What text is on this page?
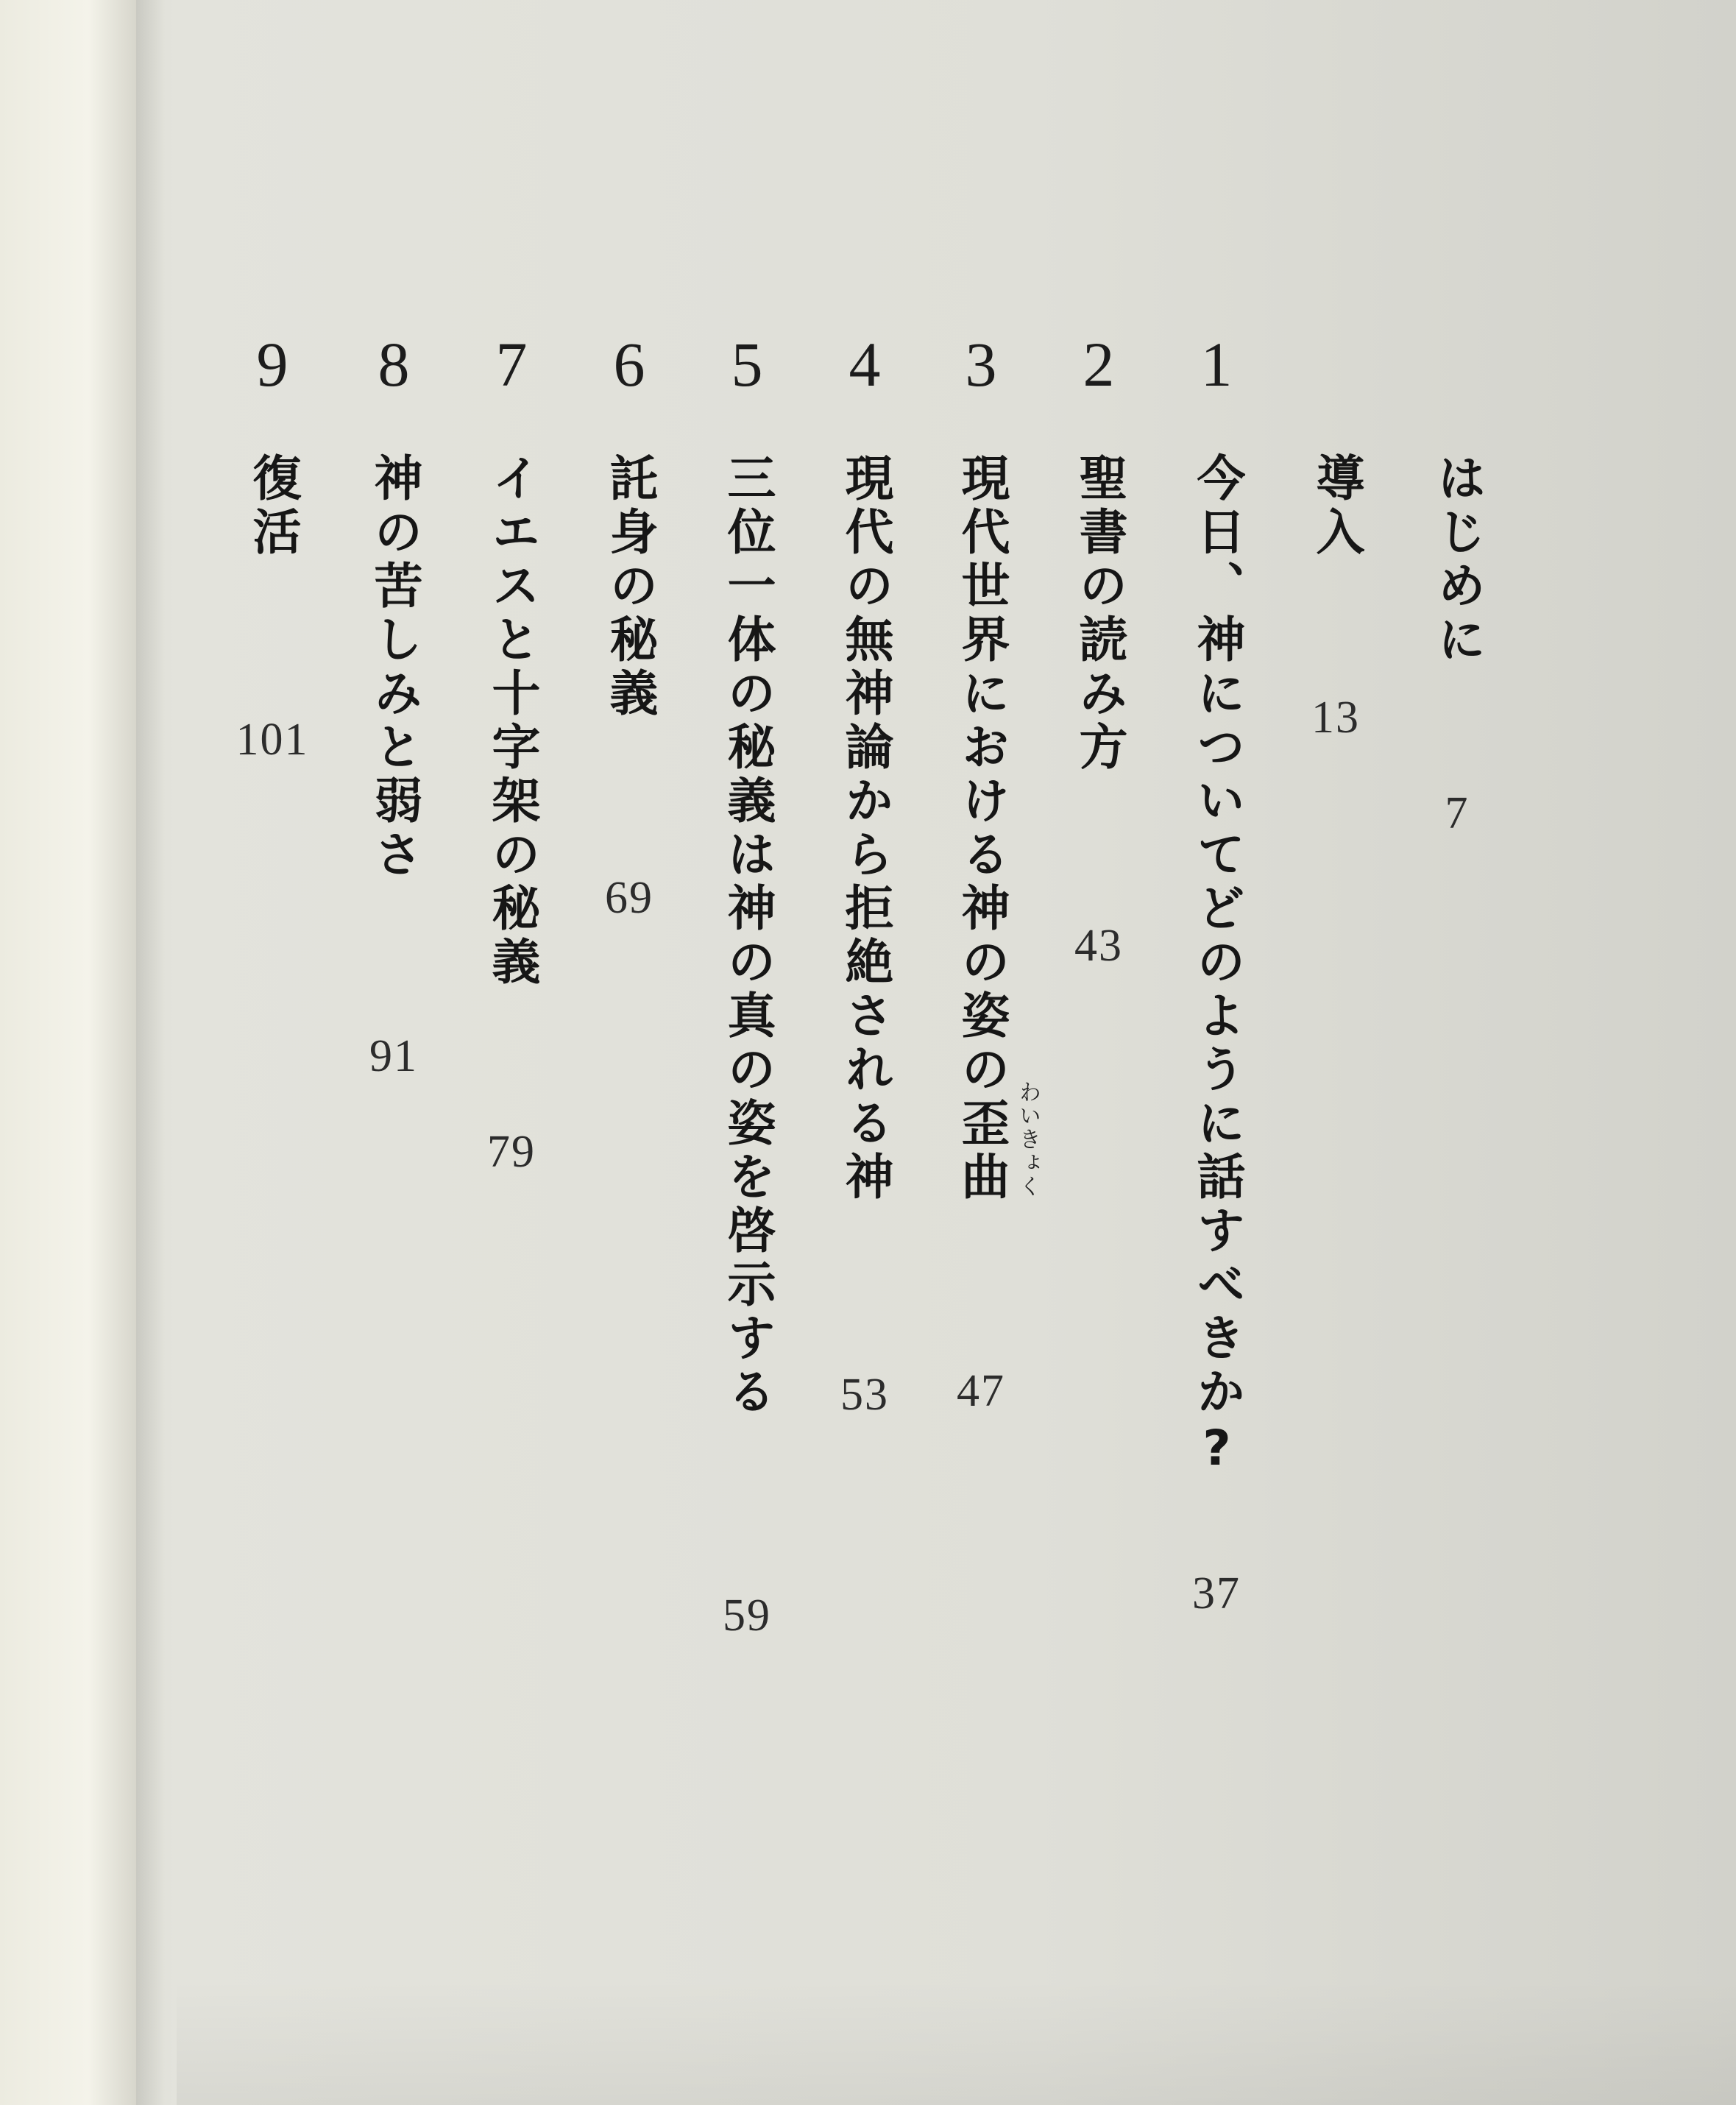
はじめに
7
導入
13
1
今日、神についてどのように話すべきか?
37
2
聖書の読み方
43
3
現代世界における神の姿の歪曲
47
わいきょく
4
現代の無神論から拒絶される神
53
5
三位一体の秘義は神の真の姿を啓示する
59
6
託身の秘義
69
7
イエスと十字架の秘義
79
8
神の苦しみと弱さ
91
9
復活
101
